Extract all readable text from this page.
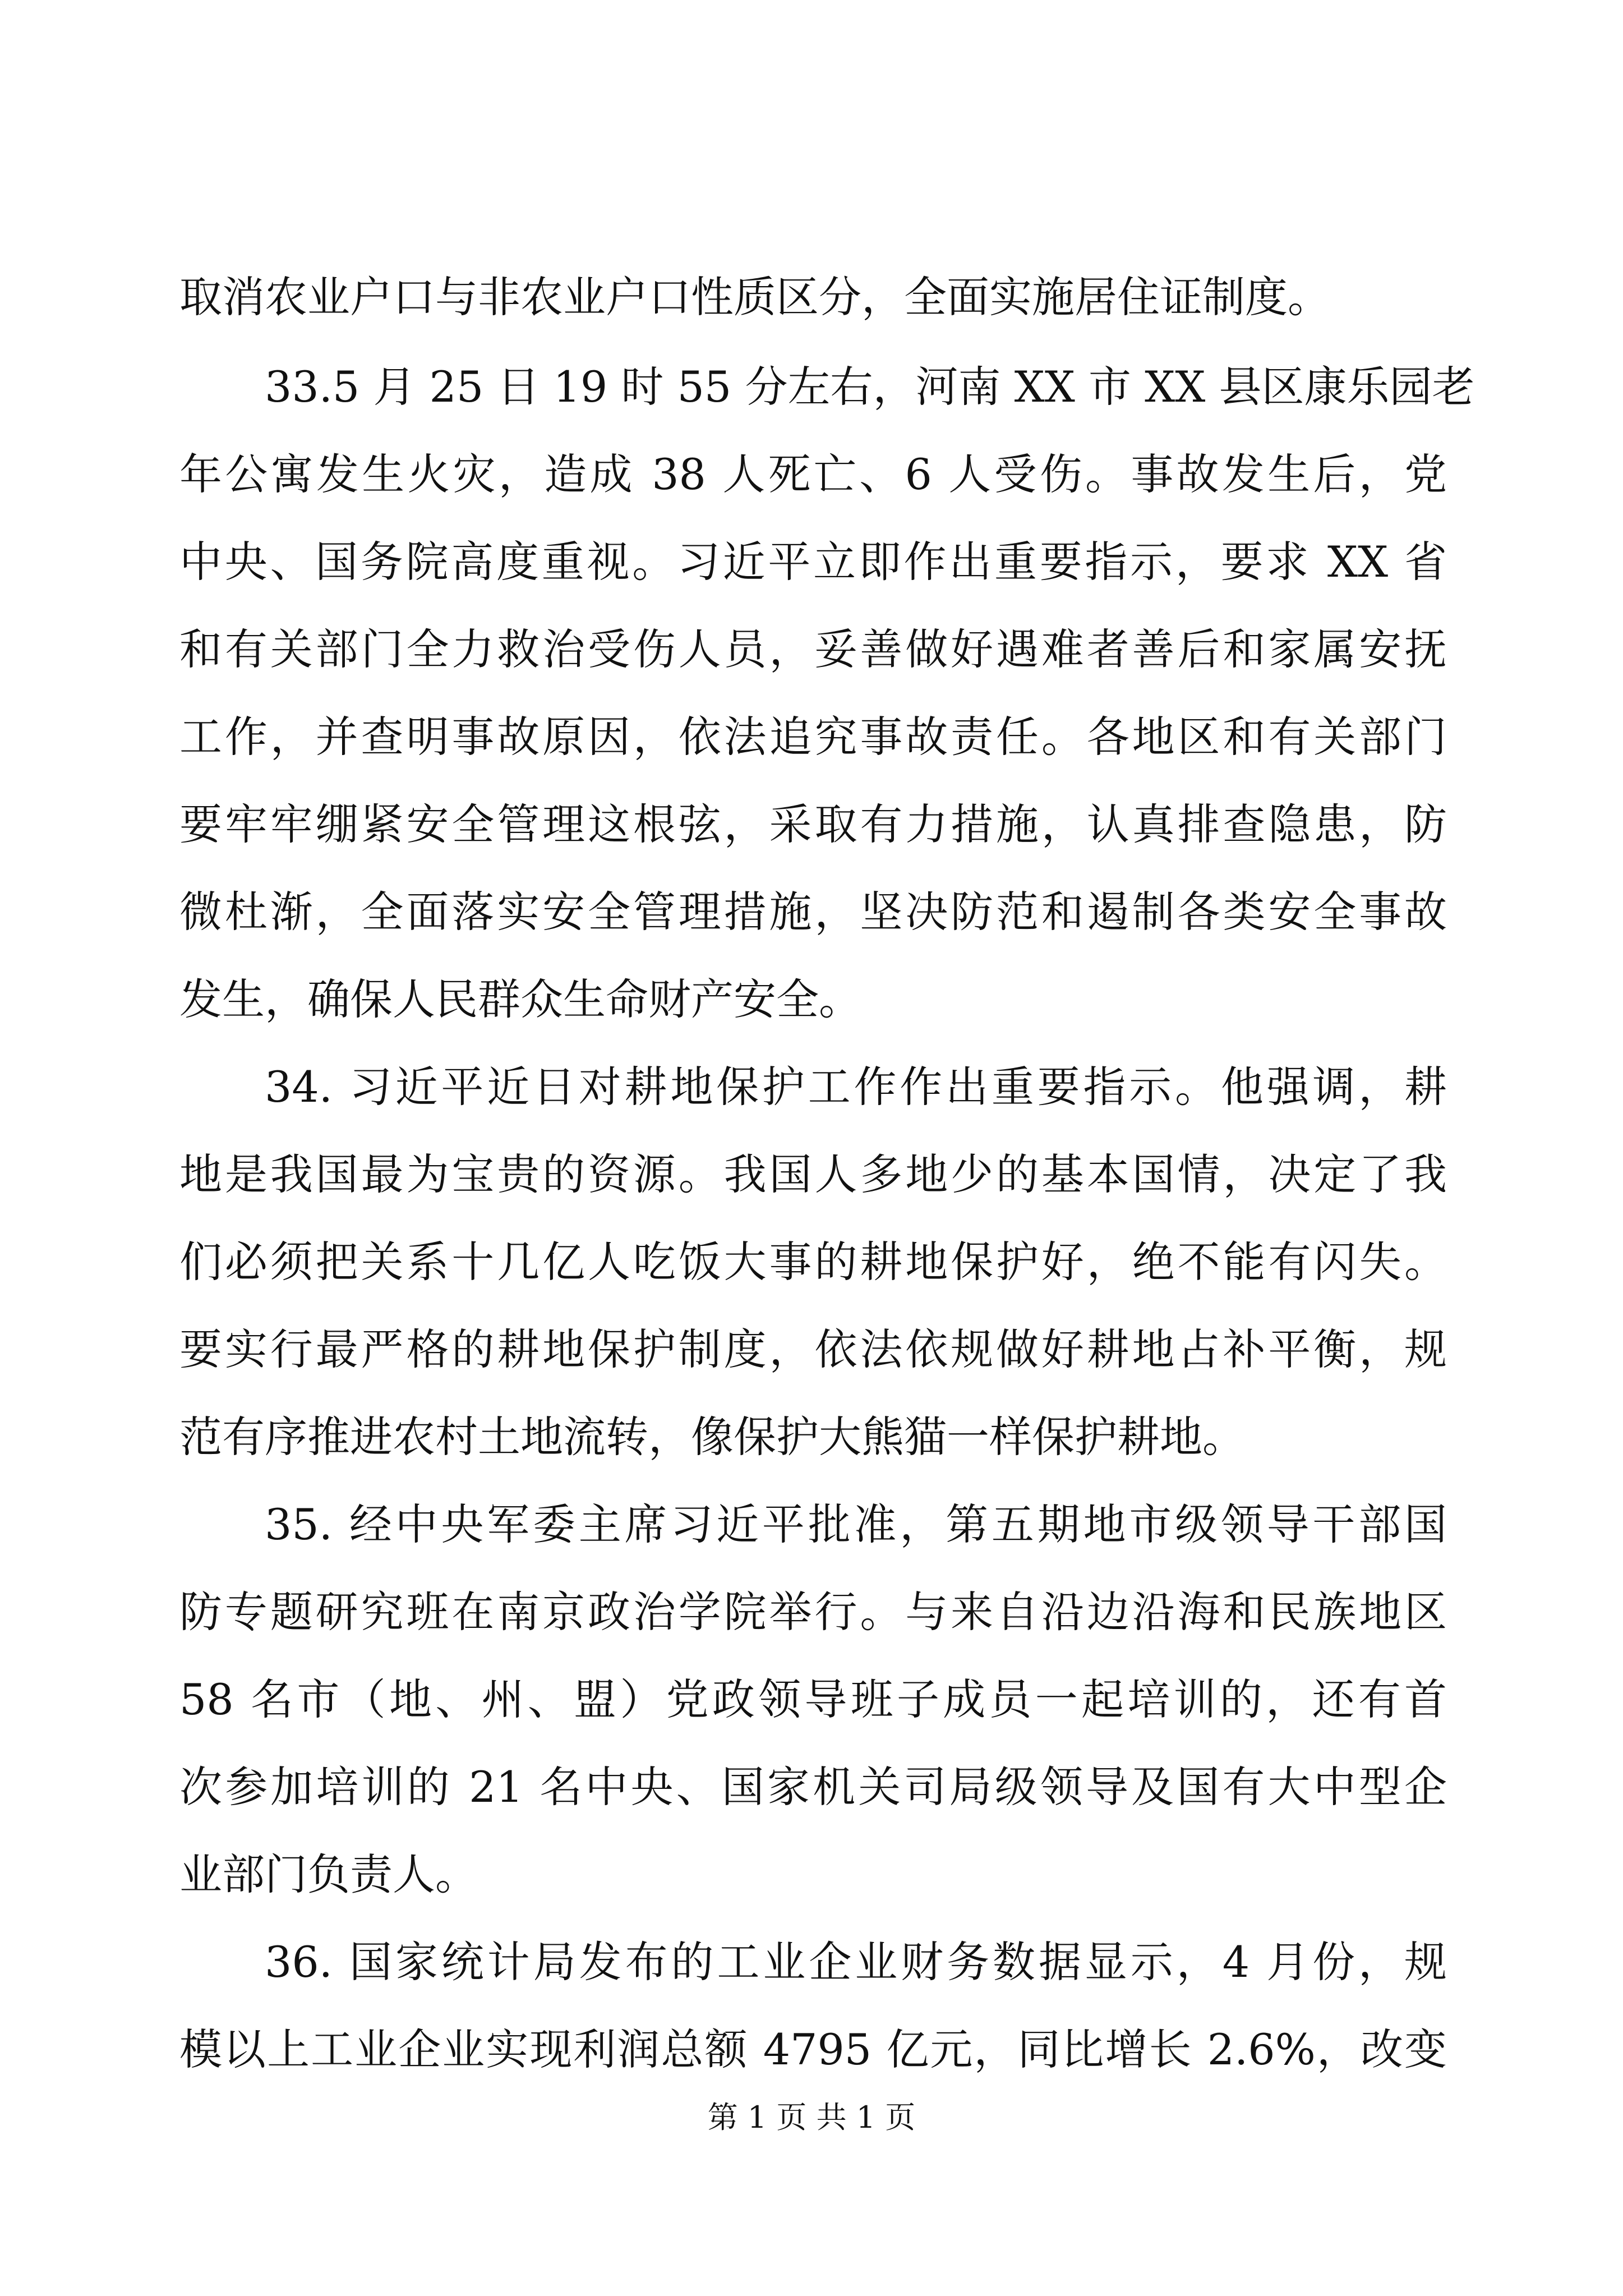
取消农业户口与非农业户口性质区分，全面实施居住证制度。
33.5 月 25 日 19 时 55 分左右，河南 XX 市 XX 县区康乐园老
年公寓发生火灾，造成 38 人死亡、6 人受伤。事故发生后，党
中央、国务院高度重视。习近平立即作出重要指示，要求 XX 省
和有关部门全力救治受伤人员，妥善做好遇难者善后和家属安抚
工作，并查明事故原因，依法追究事故责任。各地区和有关部门
要牢牢绷紧安全管理这根弦，采取有力措施，认真排查隐患，防
微杜渐，全面落实安全管理措施，坚决防范和遏制各类安全事故
发生，确保人民群众生命财产安全。
34. 习近平近日对耕地保护工作作出重要指示。他强调，耕
地是我国最为宝贵的资源。我国人多地少的基本国情，决定了我
们必须把关系十几亿人吃饭大事的耕地保护好，绝不能有闪失。
要实行最严格的耕地保护制度，依法依规做好耕地占补平衡，规
范有序推进农村土地流转，像保护大熊猫一样保护耕地。
35. 经中央军委主席习近平批准，第五期地市级领导干部国
防专题研究班在南京政治学院举行。与来自沿边沿海和民族地区
58 名市（地、州、盟）党政领导班子成员一起培训的，还有首
次参加培训的 21 名中央、国家机关司局级领导及国有大中型企
业部门负责人。
36. 国家统计局发布的工业企业财务数据显示，4 月份，规
模以上工业企业实现利润总额 4795 亿元，同比增长 2.6%，改变
第 1 页 共 1 页
